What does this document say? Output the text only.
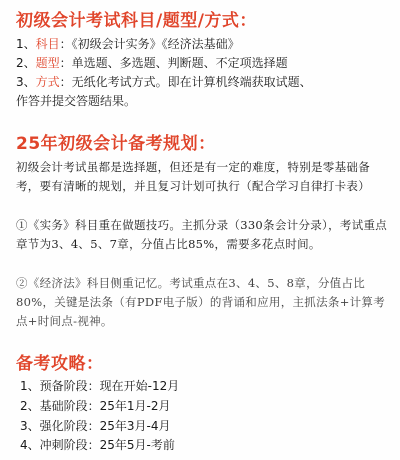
初级会计考试科目/题型/方式：
1、科目：《初级会计实务》《经济法基础》
2、题型：单选题、多选题、判断题、不定项选择题
3、方式：无纸化考试方式。即在计算机终端获取试题、
作答并提交答题结果。
25年初级会计备考规划：
初级会计考试虽都是选择题，但还是有一定的难度，特别是零基础备考，要有清晰的规划，并且复习计划可执行（配合学习自律打卡表）
①《实务》科目重在做题技巧。主抓分录（330条会计分录），考试重点章节为3、4、5、7章，分值占比85%，需要多花点时间。
②《经济法》科目侧重记忆。考试重点在3、4、5、8章，分值占比80%，关键是法条（有PDF电子版）的背诵和应用，主抓法条+计算考点+时间点-视神。
备考攻略：
1、预备阶段：现在开始-12月
2、基础阶段：25年1月-2月
3、强化阶段：25年3月-4月
4、冲刺阶段：25年5月-考前
